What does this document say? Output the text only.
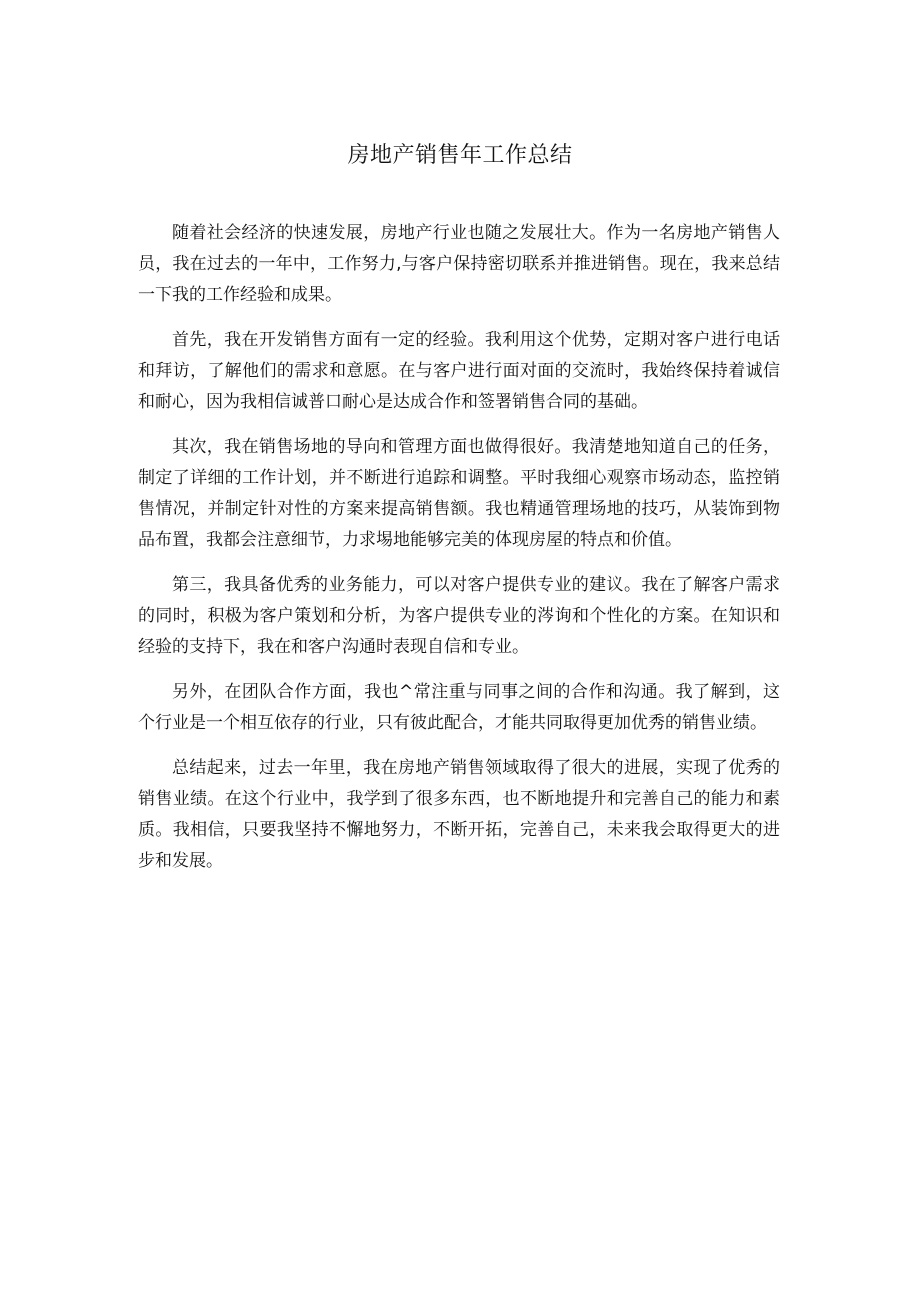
房地产销售年工作总结

随着社会经济的快速发展，房地产行业也随之发展壮大。作为一名房地产销售人员，我在过去的一年中，工作努力,与客户保持密切联系并推进销售。现在，我来总结一下我的工作经验和成果。

首先，我在开发销售方面有一定的经验。我利用这个优势，定期对客户进行电话和拜访，了解他们的需求和意愿。在与客户进行面对面的交流时，我始终保持着诚信和耐心，因为我相信诚普口耐心是达成合作和签署销售合同的基础。

其次，我在销售场地的导向和管理方面也做得很好。我清楚地知道自己的任务，制定了详细的工作计划，并不断进行追踪和调整。平时我细心观察市场动态，监控销售情况，并制定针对性的方案来提高销售额。我也精通管理场地的技巧，从装饰到物品布置，我都会注意细节，力求埸地能够完美的体现房屋的特点和价值。

第三，我具备优秀的业务能力，可以对客户提供专业的建议。我在了解客户需求的同时，积极为客户策划和分析，为客户提供专业的涔询和个性化的方案。在知识和经验的支持下，我在和客户沟通时表现自信和专业。

另外，在团队合作方面，我也^常注重与同事之间的合作和沟通。我了解到，这个行业是一个相互依存的行业，只有彼此配合，才能共同取得更加优秀的销售业绩。

总结起来，过去一年里，我在房地产销售领域取得了很大的进展，实现了优秀的销售业绩。在这个行业中，我学到了很多东西，也不断地提升和完善自己的能力和素质。我相信，只要我坚持不懈地努力，不断开拓，完善自己，未来我会取得更大的进步和发展。
